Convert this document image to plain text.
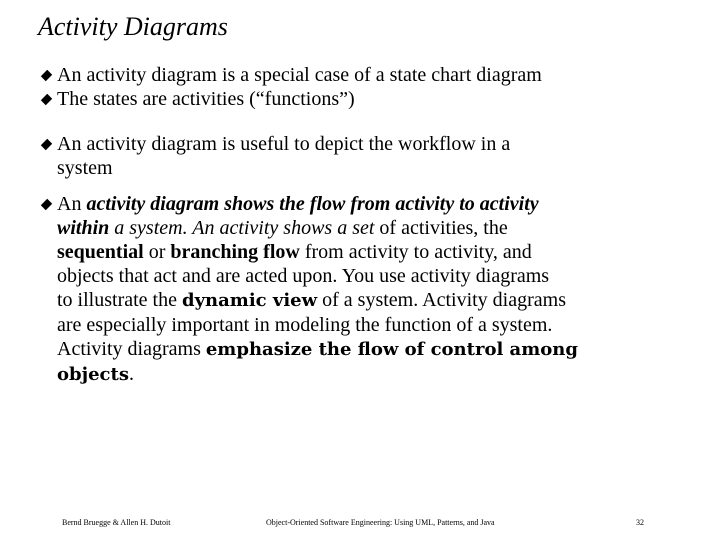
Activity Diagrams
An activity diagram is a special case of a state chart diagram
The states are activities (“functions”)
An activity diagram is useful to depict the workflow in a
system
An activity diagram shows the flow from activity to activity
within a system. An activity shows a set of activities, the
sequential or branching flow from activity to activity, and
objects that act and are acted upon. You use activity diagrams
to illustrate the dynamic view of a system. Activity diagrams
are especially important in modeling the function of a system.
Activity diagrams emphasize the flow of control among
objects.
Bernd Bruegge & Allen H. Dutoit	Object-Oriented Software Engineering: Using UML, Patterns, and Java	32
